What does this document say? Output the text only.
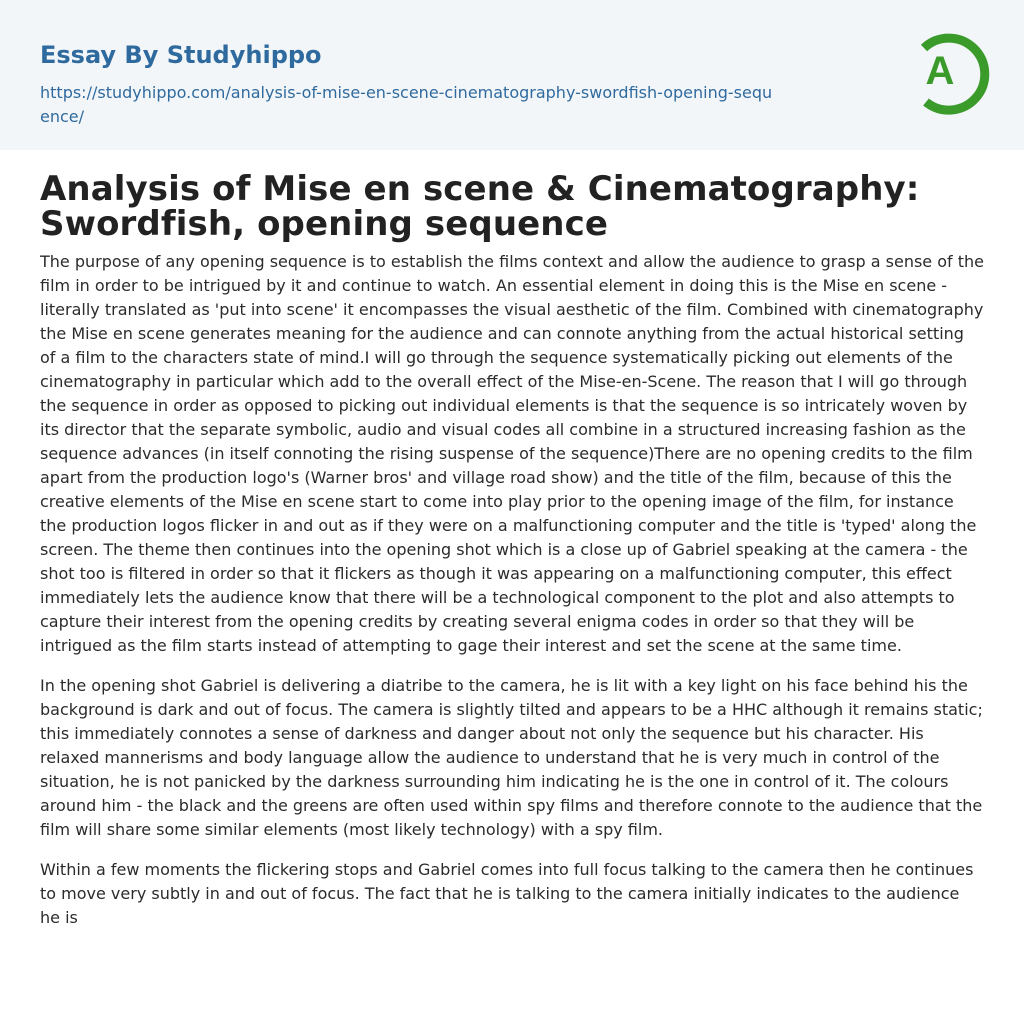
Essay By Studyhippo
https://studyhippo.com/analysis-of-mise-en-scene-cinematography-swordfish-opening-sequence/
A
Analysis of Mise en scene & Cinematography: Swordfish, opening sequence

The purpose of any opening sequence is to establish the films context and allow the audience to grasp a sense of the film in order to be intrigued by it and continue to watch. An essential element in doing this is the Mise en scene - literally translated as 'put into scene' it encompasses the visual aesthetic of the film. Combined with cinematography the Mise en scene generates meaning for the audience and can connote anything from the actual historical setting of a film to the characters state of mind.I will go through the sequence systematically picking out elements of the cinematography in particular which add to the overall effect of the Mise-en-Scene. The reason that I will go through the sequence in order as opposed to picking out individual elements is that the sequence is so intricately woven by its director that the separate symbolic, audio and visual codes all combine in a structured increasing fashion as the sequence advances (in itself connoting the rising suspense of the sequence)There are no opening credits to the film apart from the production logo's (Warner bros' and village road show) and the title of the film, because of this the creative elements of the Mise en scene start to come into play prior to the opening image of the film, for instance the production logos flicker in and out as if they were on a malfunctioning computer and the title is 'typed' along the screen. The theme then continues into the opening shot which is a close up of Gabriel speaking at the camera - the shot too is filtered in order so that it flickers as though it was appearing on a malfunctioning computer, this effect immediately lets the audience know that there will be a technological component to the plot and also attempts to capture their interest from the opening credits by creating several enigma codes in order so that they will be intrigued as the film starts instead of attempting to gage their interest and set the scene at the same time.

In the opening shot Gabriel is delivering a diatribe to the camera, he is lit with a key light on his face behind his the background is dark and out of focus. The camera is slightly tilted and appears to be a HHC although it remains static; this immediately connotes a sense of darkness and danger about not only the sequence but his character. His relaxed mannerisms and body language allow the audience to understand that he is very much in control of the situation, he is not panicked by the darkness surrounding him indicating he is the one in control of it. The colours around him - the black and the greens are often used within spy films and therefore connote to the audience that the film will share some similar elements (most likely technology) with a spy film.

Within a few moments the flickering stops and Gabriel comes into full focus talking to the camera then he continues to move very subtly in and out of focus. The fact that he is talking to the camera initially indicates to the audience he is
